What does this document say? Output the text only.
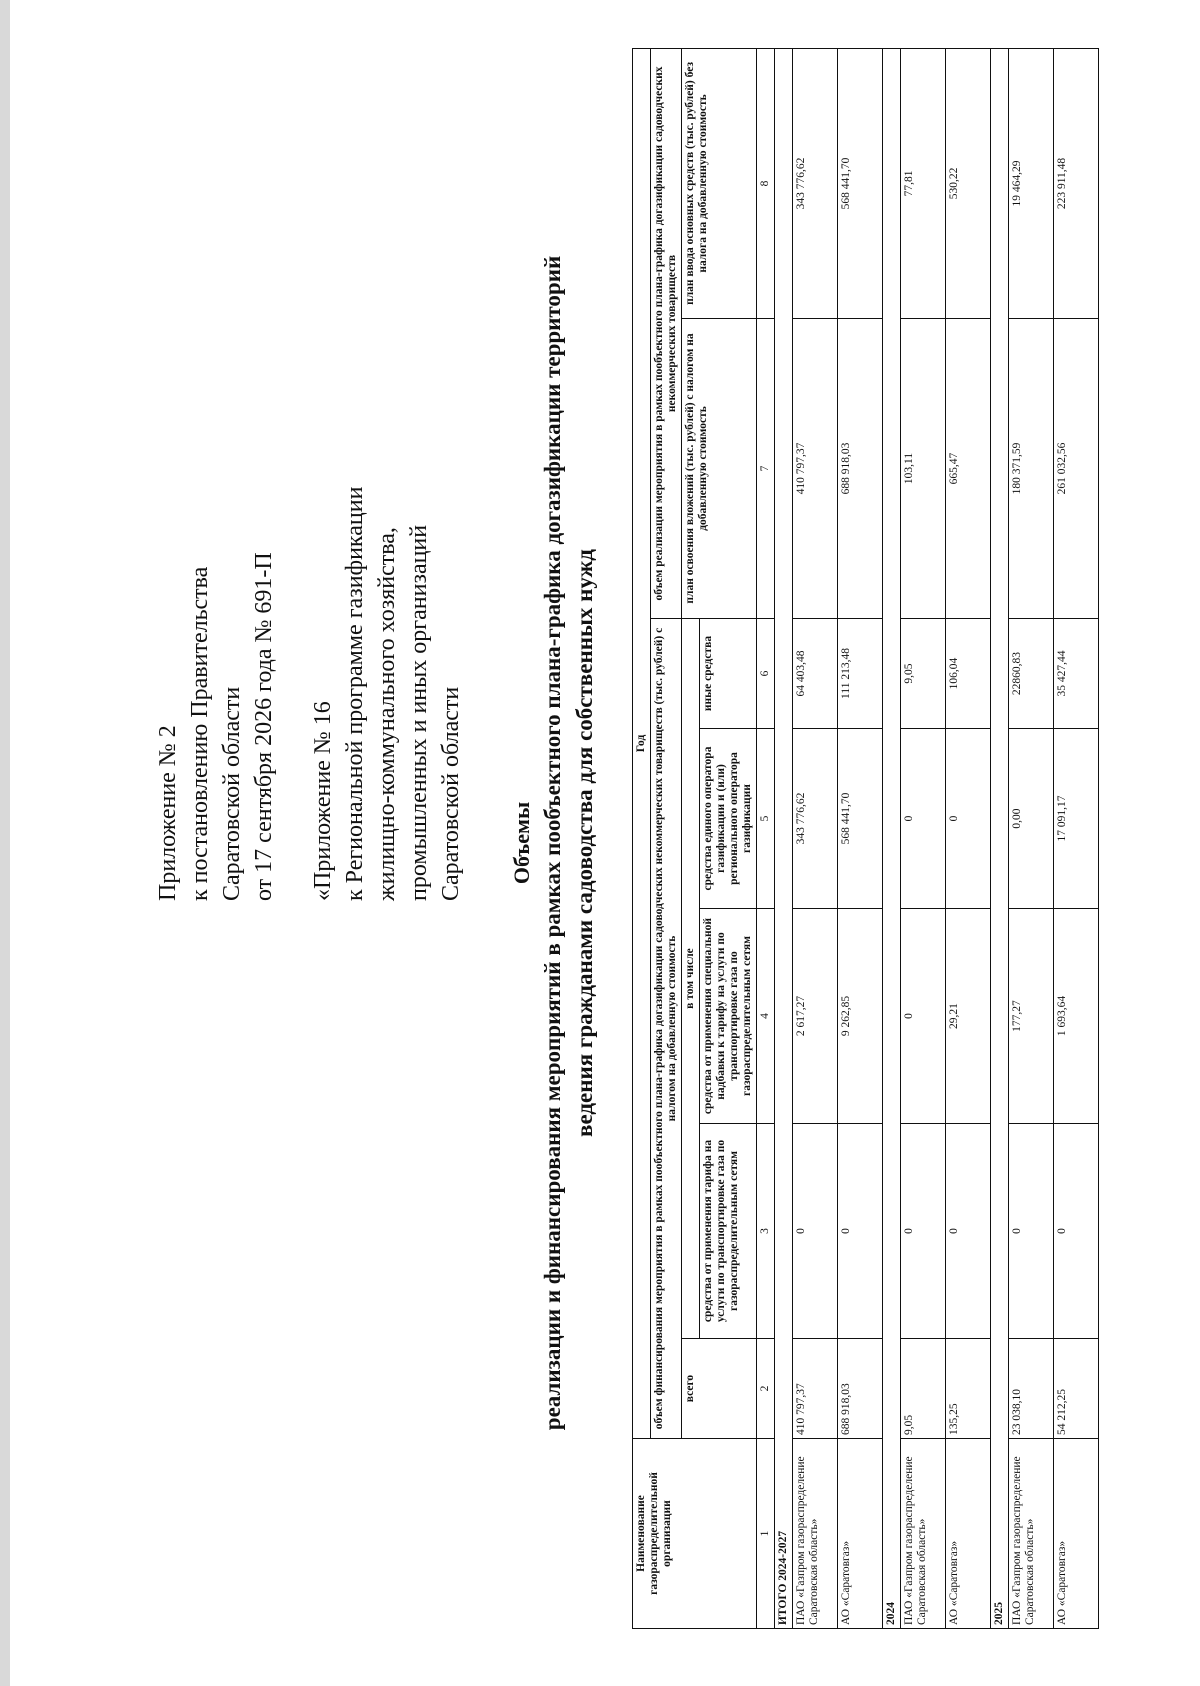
Приложение № 2 к постановлению Правительства Саратовской области от 17 сентября 2026 года № 691-П «Приложение № 16 к Региональной программе газификации жилищно-коммунального хозяйства, промышленных и иных организаций Саратовской области Объемы реализации и финансирования мероприятий в рамках пообъектного плана-графика догазификации территорий ведения гражданами садоводства для собственных нужд
Наименование газораспределительной организации	Год						
	объем финансирования мероприятия в рамках пообъектного плана-графика догазификации садоводческих некоммерческих товариществ (тыс. рублей) с налогом на добавленную стоимость					объем реализации мероприятия в рамках пообъектного плана-графика догазификации садоводческих некоммерческих товариществ	
	всего	в том числе				план освоения вложений (тыс. рублей) с налогом на добавленную стоимость	план ввода основных средств (тыс. рублей) без налога на добавленную стоимость
		средства от применения тарифа на услуги по транспортировке газа по газораспределительным сетям	средства от применения специальной надбавки к тарифу на услуги по транспортировке газа по газораспределительным сетям	средства единого оператора газификации и (или) регионального оператора газификации	иные средства		
1	2	3	4	5	6	7	8
ИТОГО 2024-2027							
ПАО «Газпром газораспределение Саратовская область»	410 797,37	0	2 617,27	343 776,62	64 403,48	410 797,37	343 776,62
АО «Саратовгаз»	688 918,03	0	9 262,85	568 441,70	111 213,48	688 918,03	568 441,70
2024							
ПАО «Газпром газораспределение Саратовская область»	9,05	0	0	0	9,05	103,11	77,81
АО «Саратовгаз»	135,25	0	29,21	0	106,04	665,47	530,22
2025							
ПАО «Газпром газораспределение Саратовская область»	23 038,10	0	177,27	0,00	22860,83	180 371,59	19 464,29
АО «Саратовгаз»	54 212,25	0	1 693,64	17 091,17	35 427,44	261 032,56	223 911,48
